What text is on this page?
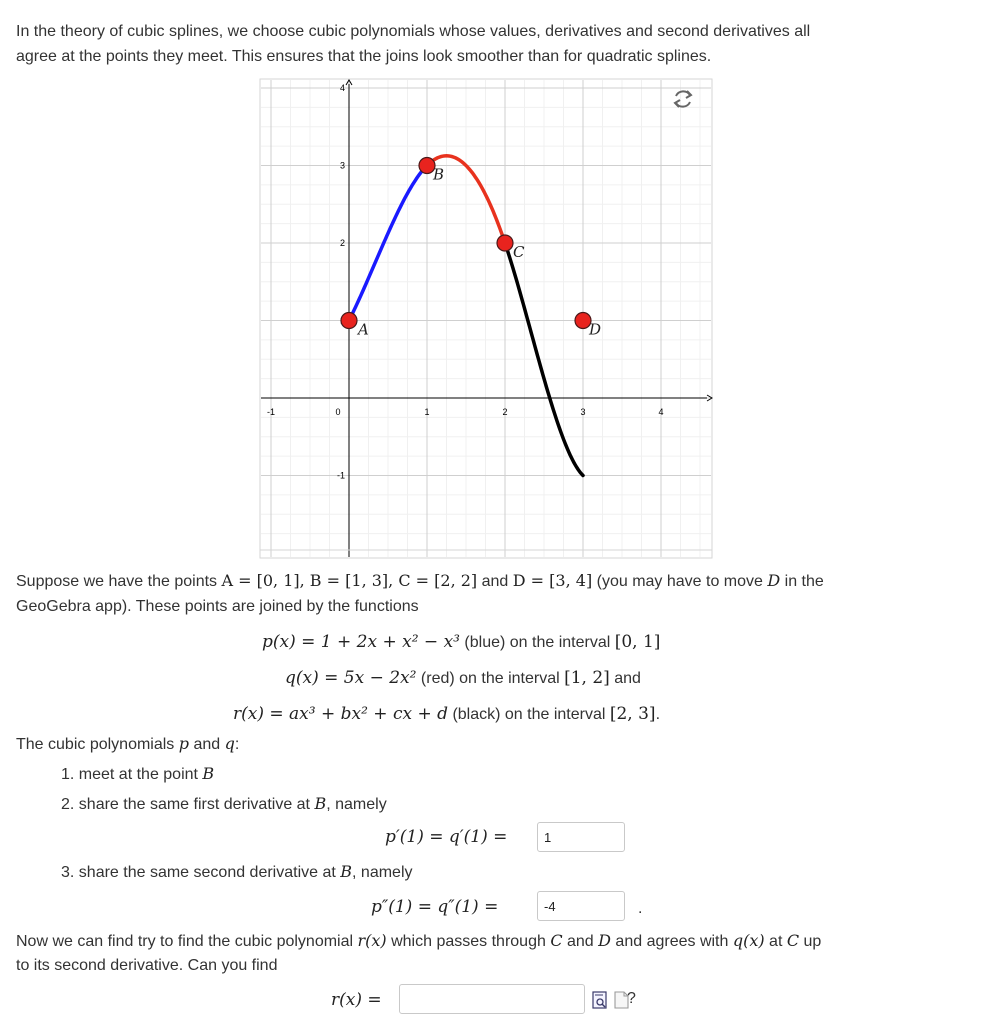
In the theory of cubic splines, we choose cubic polynomials whose values, derivatives and second derivatives all
agree at the points they meet. This ensures that the joins look smoother than for quadratic splines.
-1	0	1	2	3	4
-1
2
3
4
A
B
C
D
Suppose we have the points A = [0, 1], B = [1, 3], C = [2, 2] and D = [3, 4] (you may have to move D in the
GeoGebra app). These points are joined by the functions
p(x) = 1 + 2x + x² − x³ (blue) on the interval [0, 1]
q(x) = 5x − 2x² (red) on the interval [1, 2] and
r(x) = ax³ + bx² + cx + d (black) on the interval [2, 3].
The cubic polynomials p and q:
1. meet at the point B
2. share the same first derivative at B, namely
p′(1) = q′(1) =
1
3. share the same second derivative at B, namely
p″(1) = q″(1) =
-4	.
Now we can find try to find the cubic polynomial r(x) which passes through C and D and agrees with q(x) at C up
to its second derivative. Can you find
r(x) =	?
